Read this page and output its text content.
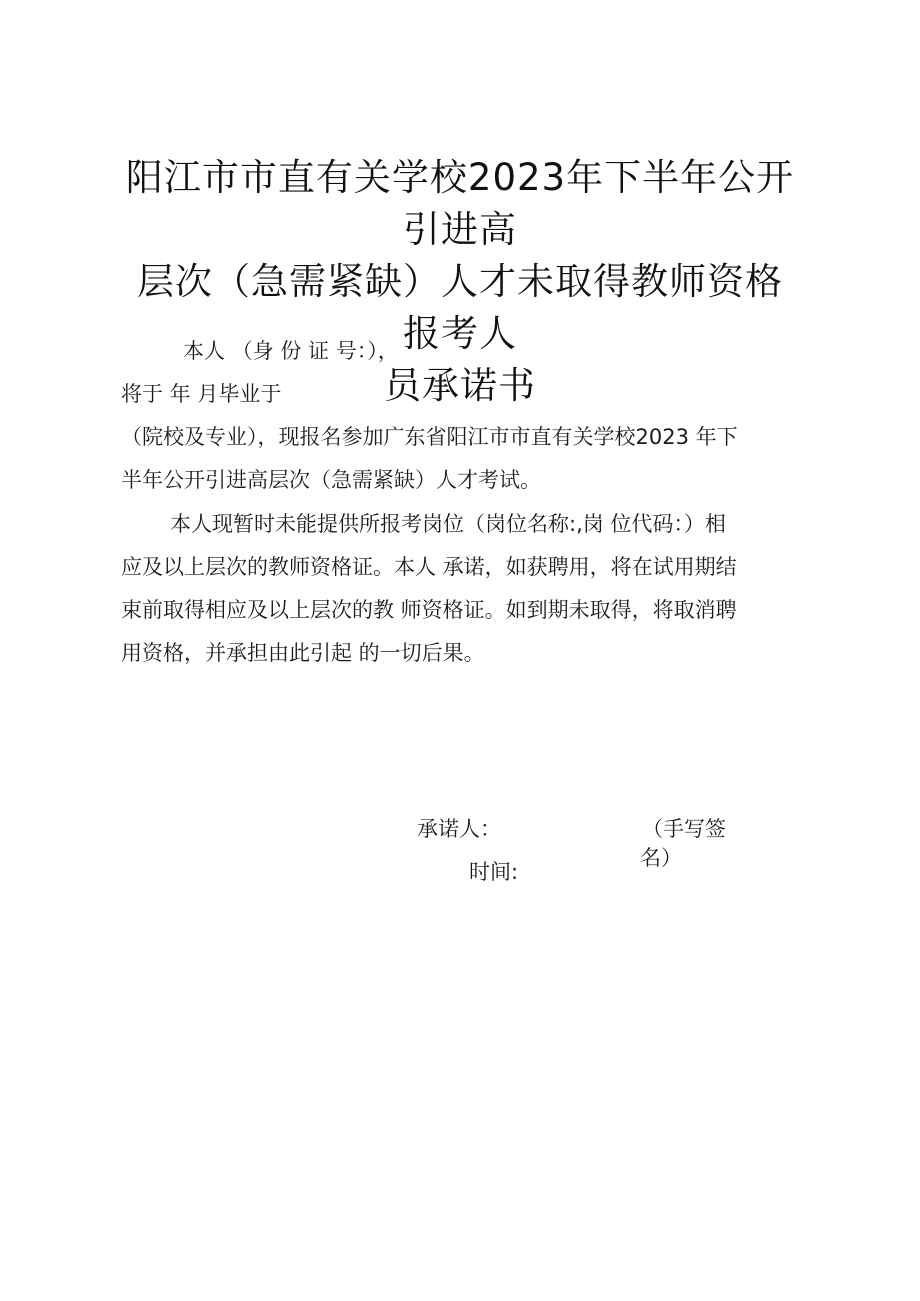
阳江市市直有关学校2023年下半年公开引进高
层次（急需紧缺）人才未取得教师资格报考人
员承诺书
本人 （身 份 证 号：），
将于 年 月毕业于
（院校及专业），现报名参加广东省阳江市市直有关学校2023 年下
半年公开引进高层次（急需紧缺）人才考试。
本人现暂时未能提供所报考岗位（岗位名称:,岗 位代码：）相
应及以上层次的教师资格证。本人 承诺，如获聘用，将在试用期结
束前取得相应及以上层次的教 师资格证。如到期未取得，将取消聘
用资格，并承担由此引起 的一切后果。
承诺人：	（手写签
名）
时间:
